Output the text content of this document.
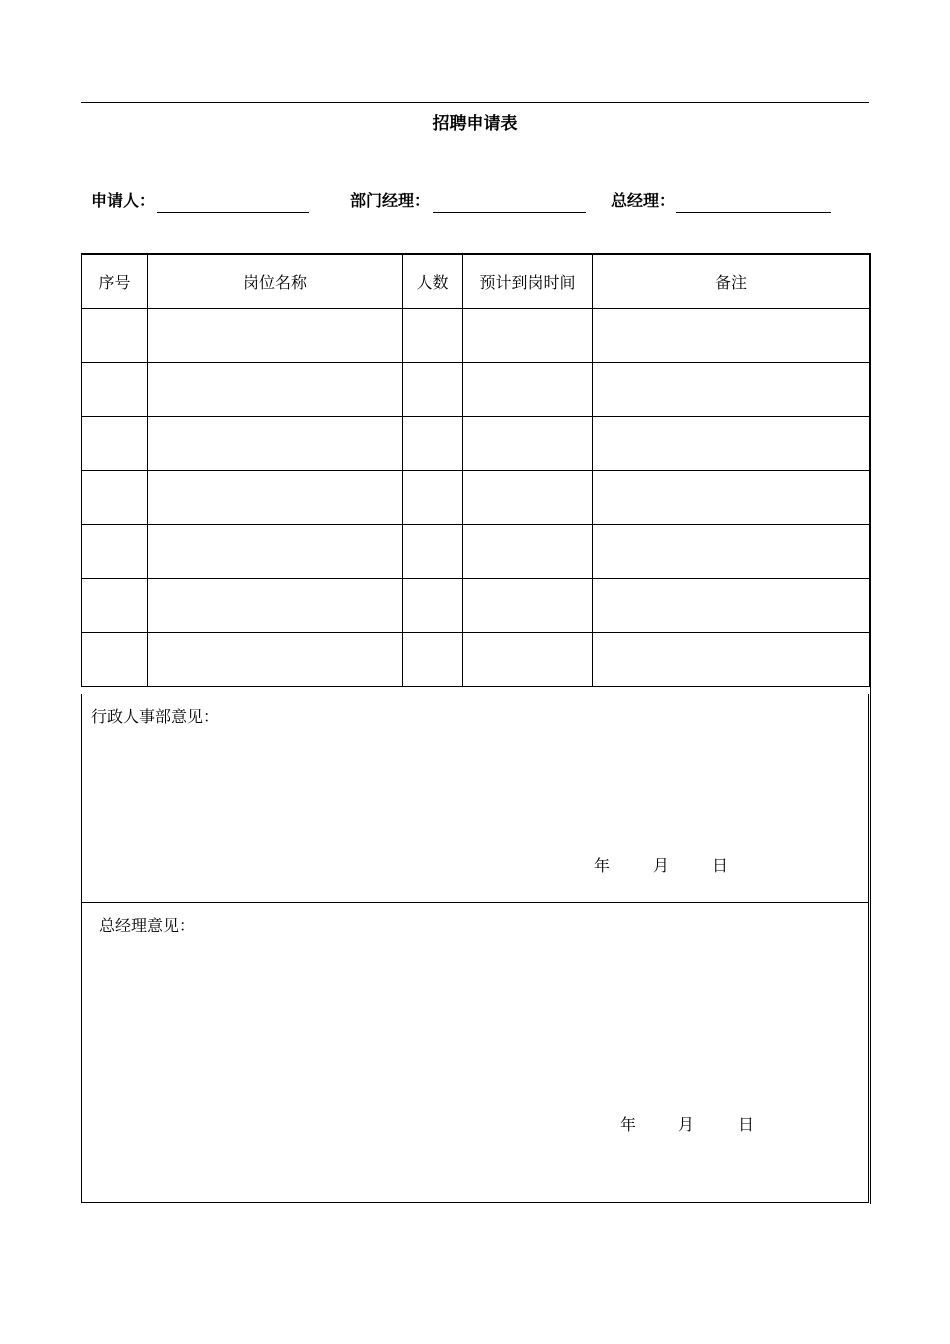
招聘申请表
申请人：	部门经理：	总经理：
序号	岗位名称	人数	预计到岗时间	备注

行政人事部意见：
年	月	日
总经理意见：
年	月	日
